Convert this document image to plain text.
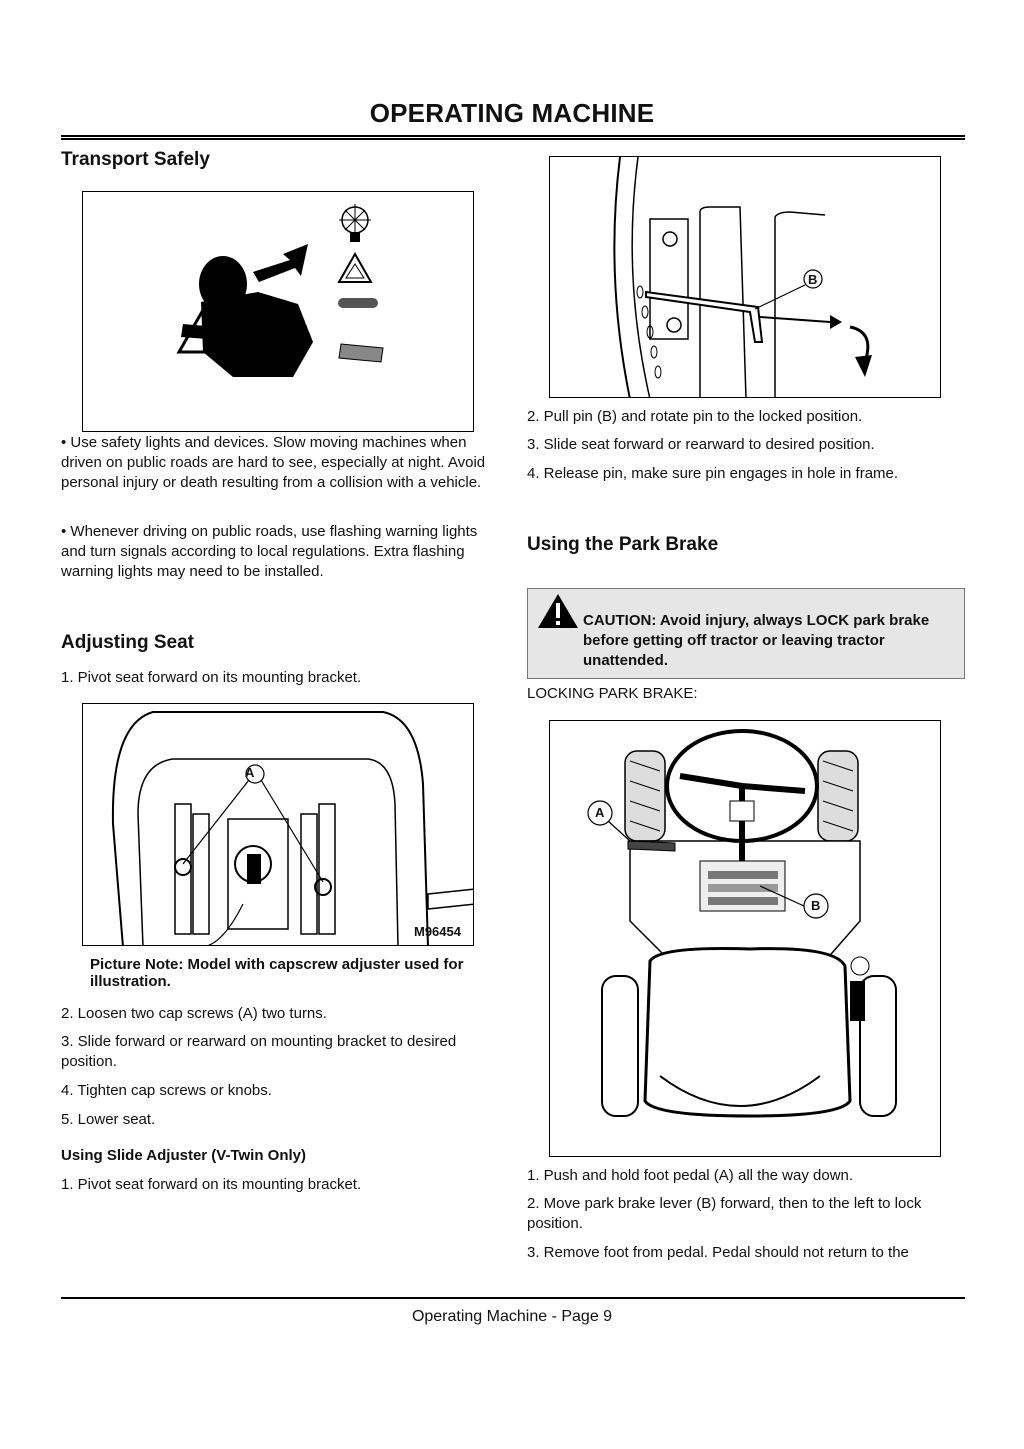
OPERATING MACHINE
Transport Safely
• Use safety lights and devices. Slow moving machines when driven on public roads are hard to see, especially at night. Avoid personal injury or death resulting from a collision with a vehicle.
• Whenever driving on public roads, use flashing warning lights and turn signals according to local regulations. Extra flashing warning lights may need to be installed.
Adjusting Seat
1. Pivot seat forward on its mounting bracket.
A
M96454
Picture Note: Model with capscrew adjuster used for illustration.
2. Loosen two cap screws (A) two turns.
3. Slide forward or rearward on mounting bracket to desired position.
4. Tighten cap screws or knobs.
5. Lower seat.
Using Slide Adjuster (V-Twin Only)
1. Pivot seat forward on its mounting bracket.
B
2. Pull pin (B) and rotate pin to the locked position.
3. Slide seat forward or rearward to desired position.
4. Release pin, make sure pin engages in hole in frame.
Using the Park Brake
CAUTION: Avoid injury, always LOCK park brake before getting off tractor or leaving tractor unattended.
LOCKING PARK BRAKE:
A
B
1. Push and hold foot pedal (A) all the way down.
2. Move park brake lever (B) forward, then to the left to lock position.
3. Remove foot from pedal. Pedal should not return to the
Operating Machine - Page 9
